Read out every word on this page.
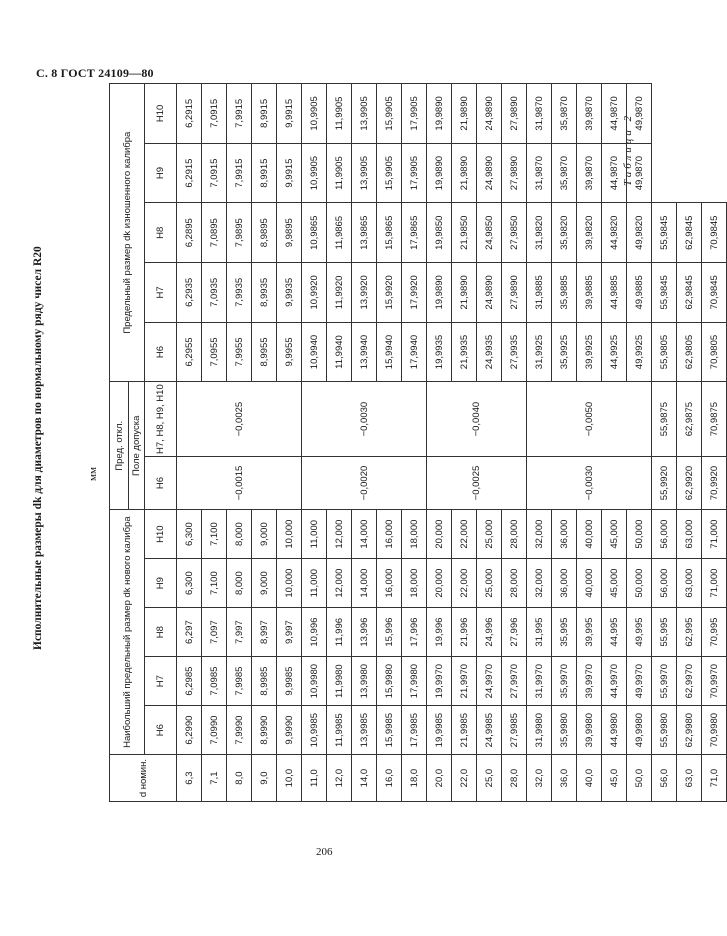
С. 8 ГОСТ 24109—80
Исполнительные размеры dk для диаметров по нормальному ряду чисел R20	мм
Таблица 2
d номин.	Наибольший предельный размер dk нового калибра					Пред. откл.		Предельный размер dk изношенного калибра				
						Поле допуска						
	H6	H7	H8	H9	H10	H6	H7, H8, H9, H10	H6	H7	H8	H9	H10
6,3	6,2990	6,2985	6,297	6,300	6,300	−0,0015	−0,0025	6,2955	6,2935	6,2895	6,2915	6,2915
7,1	7,0990	7,0985	7,097	7,100	7,100			7,0955	7,0935	7,0895	7,0915	7,0915
8,0	7,9990	7,9985	7,997	8,000	8,000			7,9955	7,9935	7,9895	7,9915	7,9915
9,0	8,9990	8,9985	8,997	9,000	9,000			8,9955	8,9935	8,9895	8,9915	8,9915
10,0	9,9990	9,9985	9,997	10,000	10,000			9,9955	9,9935	9,9895	9,9915	9,9915
11,0	10,9985	10,9980	10,996	11,000	11,000	−0,0020	−0,0030	10,9940	10,9920	10,9865	10,9905	10,9905
12,0	11,9985	11,9980	11,996	12,000	12,000			11,9940	11,9920	11,9865	11,9905	11,9905
14,0	13,9985	13,9980	13,996	14,000	14,000			13,9940	13,9920	13,9865	13,9905	13,9905
16,0	15,9985	15,9980	15,996	16,000	16,000			15,9940	15,9920	15,9865	15,9905	15,9905
18,0	17,9985	17,9980	17,996	18,000	18,000			17,9940	17,9920	17,9865	17,9905	17,9905
20,0	19,9985	19,9970	19,996	20,000	20,000	−0,0025	−0,0040	19,9935	19,9890	19,9850	19,9890	19,9890
22,0	21,9985	21,9970	21,996	22,000	22,000			21,9935	21,9890	21,9850	21,9890	21,9890
25,0	24,9985	24,9970	24,996	25,000	25,000			24,9935	24,9890	24,9850	24,9890	24,9890
28,0	27,9985	27,9970	27,996	28,000	28,000			27,9935	27,9890	27,9850	27,9890	27,9890
32,0	31,9980	31,9970	31,995	32,000	32,000	−0,0030	−0,0050	31,9925	31,9885	31,9820	31,9870	31,9870
36,0	35,9980	35,9970	35,995	36,000	36,000			35,9925	35,9885	35,9820	35,9870	35,9870
40,0	39,9980	39,9970	39,995	40,000	40,000			39,9925	39,9885	39,9820	39,9870	39,9870
45,0	44,9980	44,9970	44,995	45,000	45,000			44,9925	44,9885	44,9820	44,9870	44,9870
50,0	49,9980	49,9970	49,995	50,000	50,000			49,9925	49,9885	49,9820	49,9870	49,9870
56,0	55,9980	55,9970	55,995	56,000	56,000	55,9920	55,9875	55,9805	55,9845	55,9845		
63,0	62,9980	62,9970	62,995	63,000	63,000	62,9920	62,9875	62,9805	62,9845	62,9845		
71,0	70,9980	70,9970	70,995	71,000	71,000	70,9920	70,9875	70,9805	70,9845	70,9845		
206
